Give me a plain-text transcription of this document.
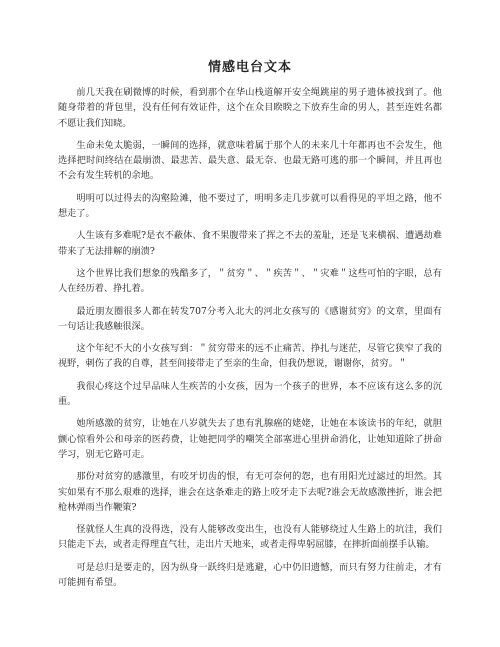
情感电台文本

前几天我在刷微博的时候，看到那个在华山栈道解开安全绳跳崖的男子遗体被找到了。他随身带着的背包里，没有任何有效证件，这个在众目睽睽之下放弃生命的男人，甚至连姓名都不愿让我们知晓。

生命未免太脆弱，一瞬间的选择，就意味着属于那个人的未来几十年都再也不会发生，他选择把时间终结在最崩溃、最悲苦、最失意、最无奈、也最无路可逃的那一个瞬间，并且再也不会有发生转机的余地。

明明可以过得去的沟壑险滩，他不要过了，明明多走几步就可以看得见的平坦之路，他不想走了。

人生该有多难呢?是衣不蔽体、食不果腹带来了挥之不去的羞耻，还是飞来横祸、遭遇劫难带来了无法排解的崩溃?

这个世界比我们想象的残酷多了，＂贫穷＂、＂疾苦＂、＂灾难＂这些可怕的字眼，总有人在经历着、挣扎着。

最近朋友圈很多人都在转发707分考入北大的河北女孩写的《感谢贫穷》的文章，里面有一句话让我感触很深。

这个年纪不大的小女孩写到：＂贫穷带来的远不止痛苦、挣扎与迷茫，尽管它狭窄了我的视野，刺伤了我的自尊，甚至间接带走了至亲的生命，但我仍想说，谢谢你，贫穷。＂

我很心疼这个过早品味人生疾苦的小女孩，因为一个孩子的世界，本不应该有这么多的沉重。

她所感激的贫穷，让她在八岁就失去了患有乳腺癌的姥姥，让她在本该读书的年纪，就胆颤心惊看外公和母亲的医药费，让她把同学的嘲笑全部塞进心里拼命消化，让她知道除了拼命学习，别无它路可走。

那份对贫穷的感激里，有咬牙切齿的恨，有无可奈何的怨，也有用阳光过滤过的坦然。其实如果有不那么艰难的选择，谁会在这条难走的路上咬牙走下去呢?谁会无故感激挫折，谁会把枪林弹雨当作鞭策?

怪就怪人生真的没得选，没有人能够改变出生，也没有人能够绕过人生路上的坑洼，我们只能走下去，或者走得理直气壮，走出片天地来，或者走得卑躬屈膝，在摔折面前摆手认输。

可是总归是要走的，因为纵身一跃终归是逃避，心中仍旧遗憾，而只有努力往前走，才有可能拥有希望。
